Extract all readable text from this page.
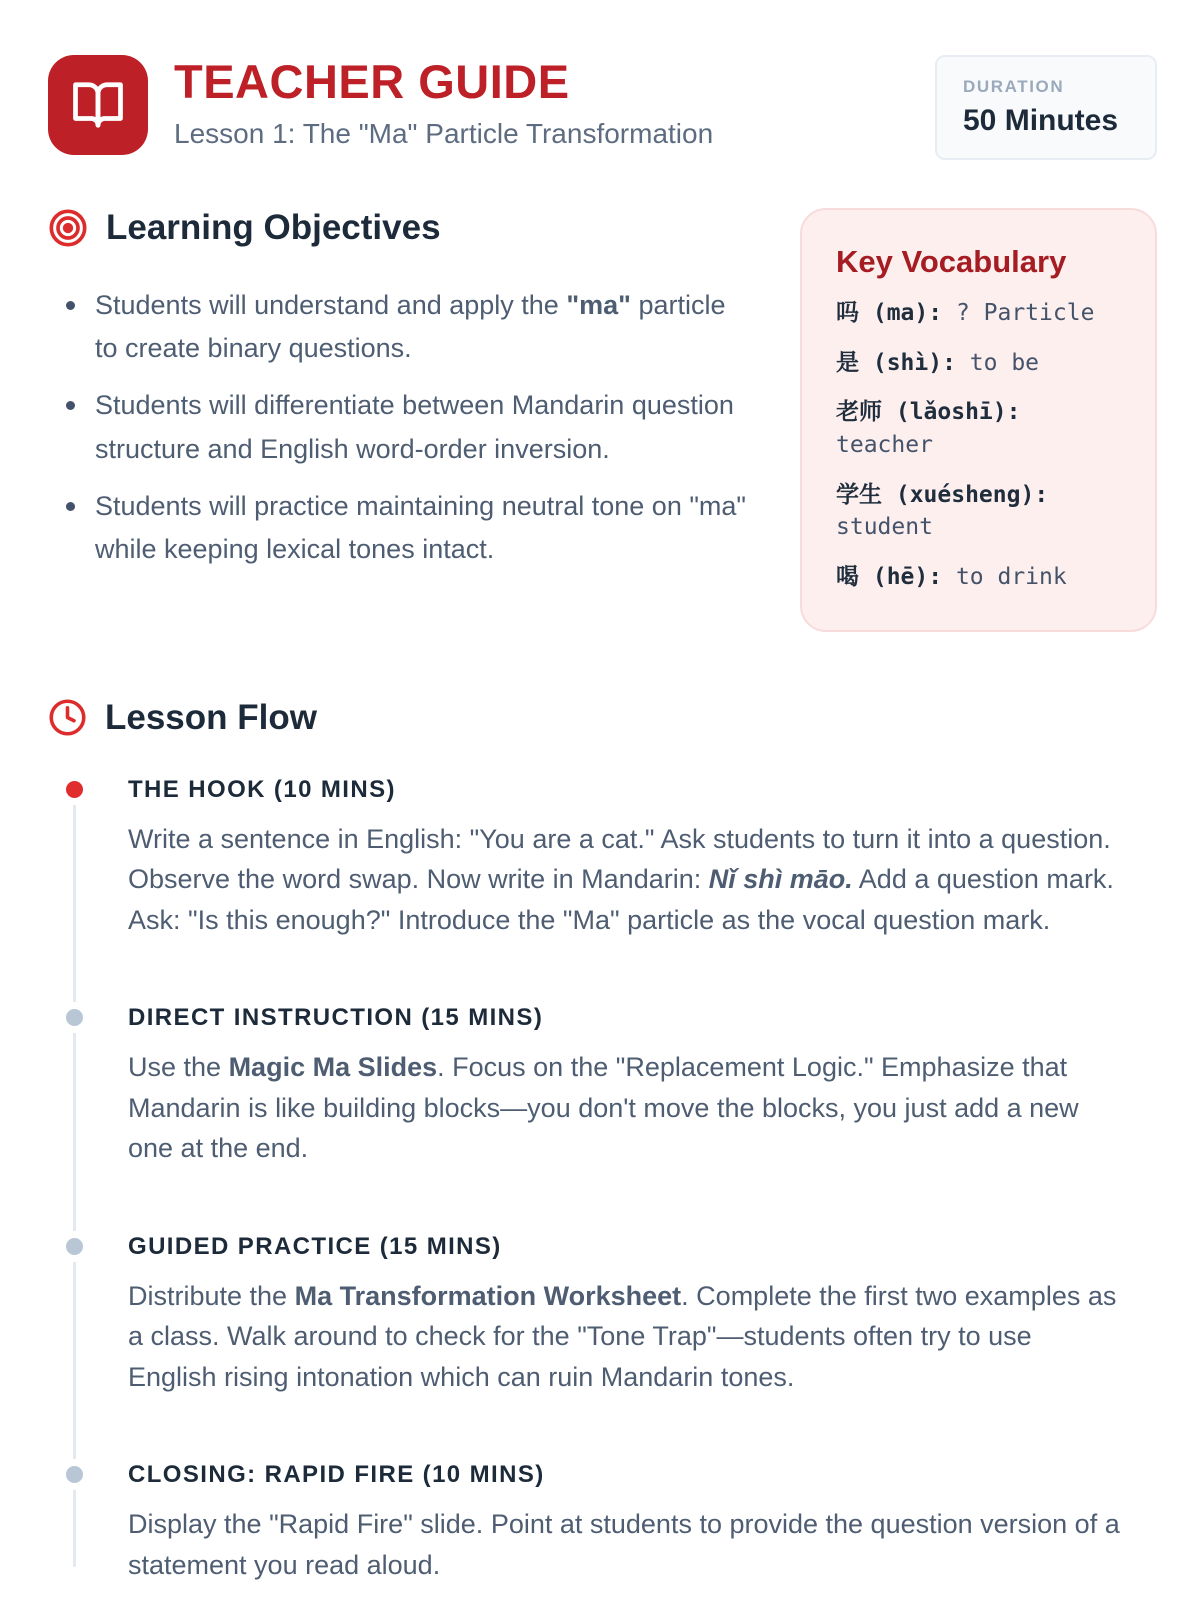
TEACHER GUIDE
Lesson 1: The "Ma" Particle Transformation
DURATION
50 Minutes
Learning Objectives
Students will understand and apply the "ma" particle to create binary questions.
Students will differentiate between Mandarin question structure and English word-order inversion.
Students will practice maintaining neutral tone on "ma" while keeping lexical tones intact.
Key Vocabulary
吗 (ma): ? Particle
是 (shì): to be
老师 (lǎoshī): teacher
学生 (xuésheng): student
喝 (hē): to drink
Lesson Flow
THE HOOK (10 MINS)
Write a sentence in English: "You are a cat." Ask students to turn it into a question. Observe the word swap. Now write in Mandarin: Nǐ shì māo. Add a question mark. Ask: "Is this enough?" Introduce the "Ma" particle as the vocal question mark.
DIRECT INSTRUCTION (15 MINS)
Use the Magic Ma Slides. Focus on the "Replacement Logic." Emphasize that Mandarin is like building blocks—you don't move the blocks, you just add a new one at the end.
GUIDED PRACTICE (15 MINS)
Distribute the Ma Transformation Worksheet. Complete the first two examples as a class. Walk around to check for the "Tone Trap"—students often try to use English rising intonation which can ruin Mandarin tones.
CLOSING: RAPID FIRE (10 MINS)
Display the "Rapid Fire" slide. Point at students to provide the question version of a statement you read aloud.
